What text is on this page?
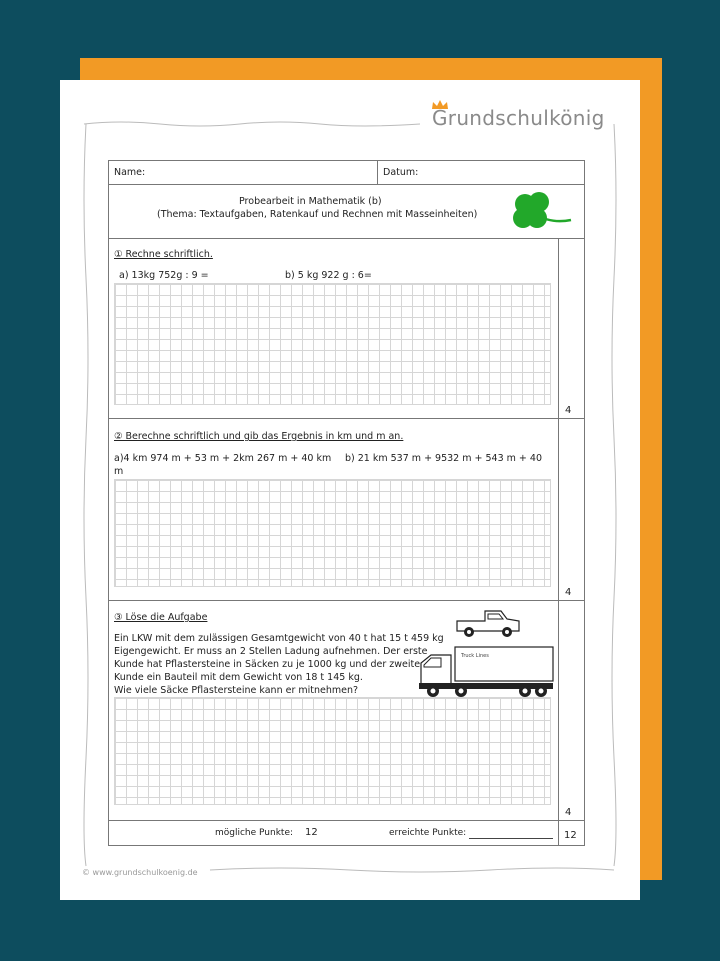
Grundschulkönig
© www.grundschulkoenig.de
Name:	Datum:
Probearbeit in Mathematik (b)
(Thema: Textaufgaben, Ratenkauf und Rechnen mit Masseinheiten)
① Rechne schriftlich.
a) 13kg 752g : 9 =	b) 5 kg 922 g : 6=
4
② Berechne schriftlich und gib das Ergebnis in km und m an.
a)4 km 974 m + 53 m + 2km 267 m + 40 km
m
b) 21 km 537 m + 9532 m + 543 m + 40
4
③ Löse die Aufgabe
Ein LKW mit dem zulässigen Gesamtgewicht von 40 t hat 15 t 459 kg
Eigengewicht. Er muss an 2 Stellen Ladung aufnehmen. Der erste
Kunde hat Pflastersteine in Säcken zu je 1000 kg und der zweite
Kunde ein Bauteil mit dem Gewicht von 18 t 145 kg.
Wie viele Säcke Pflastersteine kann er mitnehmen?
Truck Lines
4
mögliche Punkte: 12	erreichte Punkte:	12
